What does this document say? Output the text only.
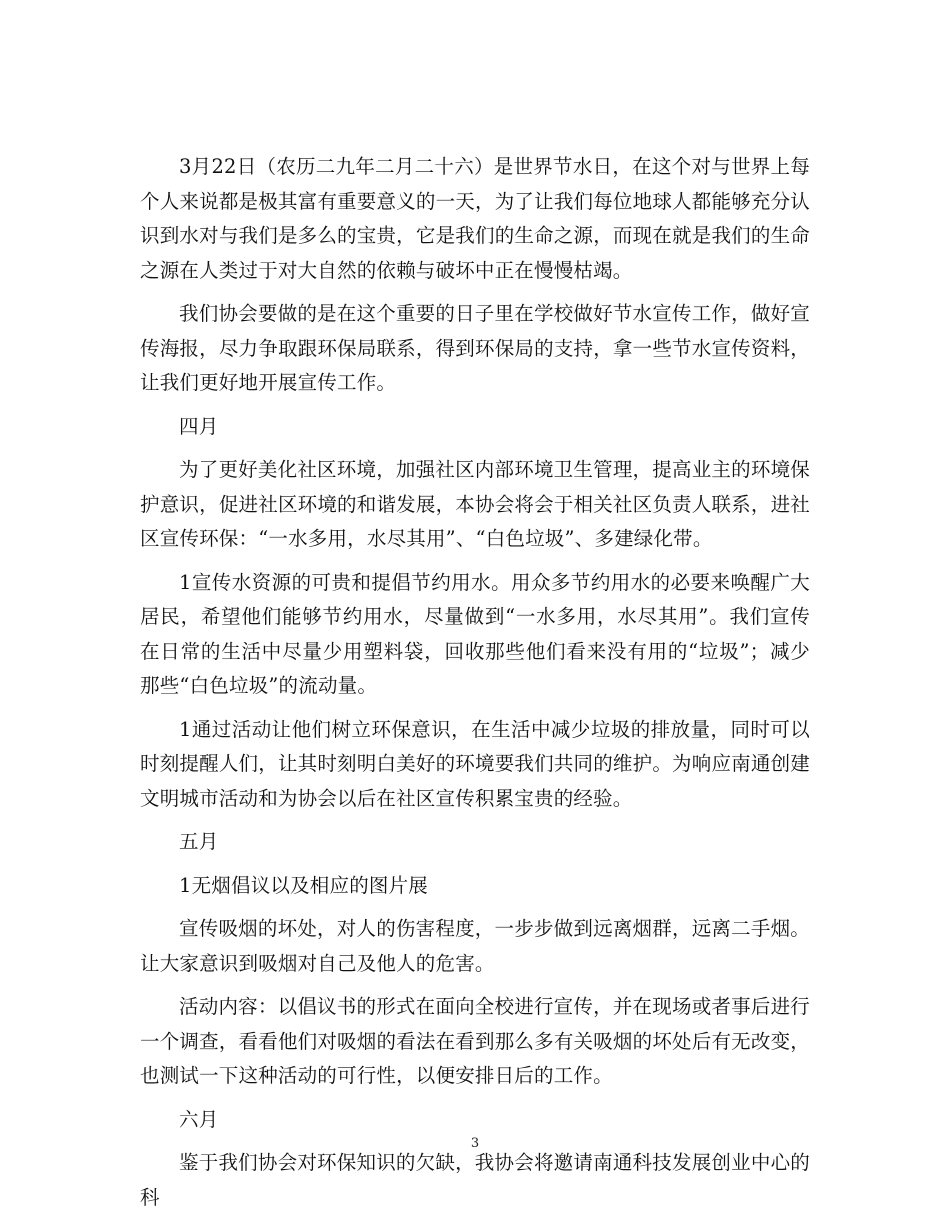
3月22日（农历二九年二月二十六）是世界节水日，在这个对与世界上每个人来说都是极其富有重要意义的一天，为了让我们每位地球人都能够充分认识到水对与我们是多么的宝贵，它是我们的生命之源，而现在就是我们的生命之源在人类过于对大自然的依赖与破坏中正在慢慢枯竭。

我们协会要做的是在这个重要的日子里在学校做好节水宣传工作，做好宣传海报，尽力争取跟环保局联系，得到环保局的支持，拿一些节水宣传资料，让我们更好地开展宣传工作。

四月

为了更好美化社区环境，加强社区内部环境卫生管理，提高业主的环境保护意识，促进社区环境的和谐发展，本协会将会于相关社区负责人联系，进社区宣传环保：“一水多用，水尽其用”、“白色垃圾”、多建绿化带。

1宣传水资源的可贵和提倡节约用水。用众多节约用水的必要来唤醒广大居民，希望他们能够节约用水，尽量做到“一水多用，水尽其用”。我们宣传在日常的生活中尽量少用塑料袋，回收那些他们看来没有用的“垃圾”；减少那些“白色垃圾”的流动量。

1通过活动让他们树立环保意识，在生活中减少垃圾的排放量，同时可以时刻提醒人们，让其时刻明白美好的环境要我们共同的维护。为响应南通创建文明城市活动和为协会以后在社区宣传积累宝贵的经验。

五月

1无烟倡议以及相应的图片展

宣传吸烟的坏处，对人的伤害程度，一步步做到远离烟群，远离二手烟。让大家意识到吸烟对自己及他人的危害。

活动内容：以倡议书的形式在面向全校进行宣传，并在现场或者事后进行一个调查，看看他们对吸烟的看法在看到那么多有关吸烟的坏处后有无改变，也测试一下这种活动的可行性，以便安排日后的工作。

六月

鉴于我们协会对环保知识的欠缺，我协会将邀请南通科技发展创业中心的科

3
